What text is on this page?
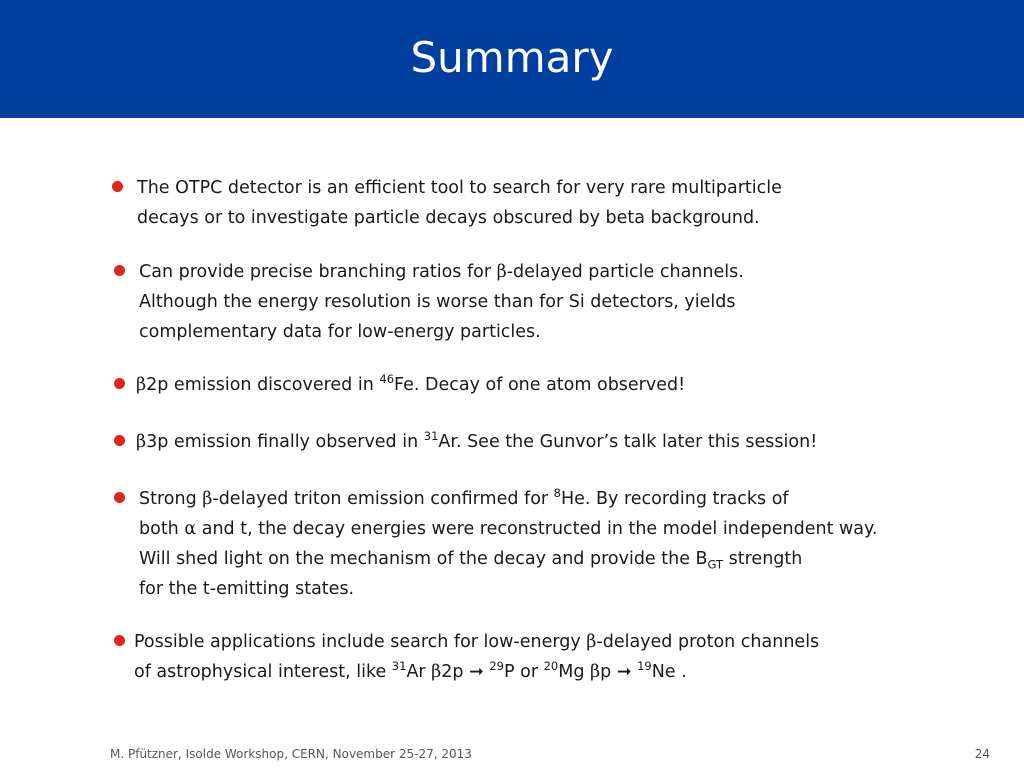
Summary
The OTPC detector is an efficient tool to search for very rare multiparticle
decays or to investigate particle decays obscured by beta background.
Can provide precise branching ratios for β-delayed particle channels.
Although the energy resolution is worse than for Si detectors, yields
complementary data for low-energy particles.
β2p emission discovered in $^{46}$Fe. Decay of one atom observed!
β3p emission finally observed in $^{31}$Ar. See the Gunvor’s talk later this session!
Strong β-delayed triton emission confirmed for $^8$He. By recording tracks of
both α and t, the decay energies were reconstructed in the model independent way.
Will shed light on the mechanism of the decay and provide the $B_{GT}$ strength
for the t-emitting states.
Possible applications include search for low-energy β-delayed proton channels
of astrophysical interest, like $^{31}$Ar β2p ➞ $^{29}$P or $^{20}$Mg βp ➞ $^{19}$Ne .
M. Pfützner, Isolde Workshop, CERN, November 25-27, 2013	24
